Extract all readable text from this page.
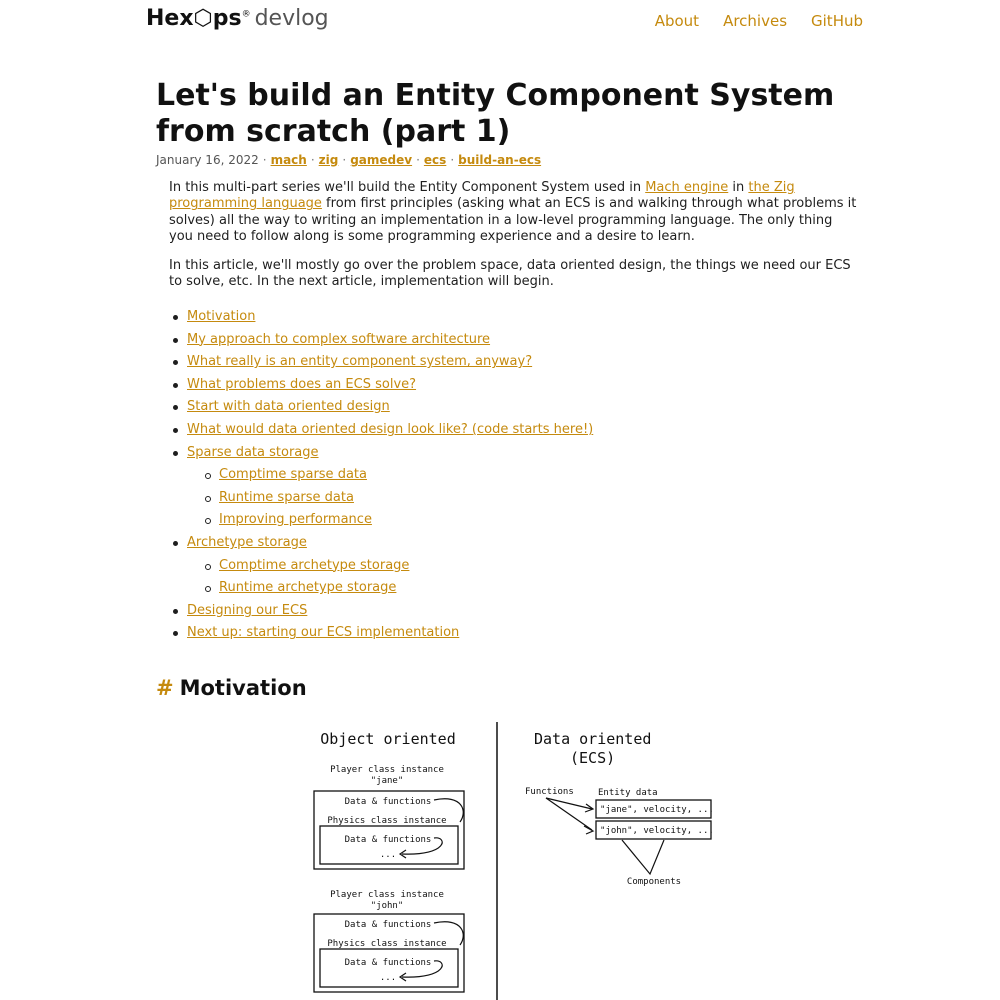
Hex⬡ps® devlog	About Archives GitHub
Let's build an Entity Component System from scratch (part 1)
January 16, 2022 · mach · zig · gamedev · ecs · build-an-ecs

In this multi-part series we'll build the Entity Component System used in Mach engine in the Zig programming language from first principles (asking what an ECS is and walking through what problems it solves) all the way to writing an implementation in a low-level programming language. The only thing you need to follow along is some programming experience and a desire to learn.

In this article, we'll mostly go over the problem space, data oriented design, the things we need our ECS to solve, etc. In the next article, implementation will begin.

Motivation
My approach to complex software architecture
What really is an entity component system, anyway?
What problems does an ECS solve?
Start with data oriented design
What would data oriented design look like? (code starts here!)
Sparse data storage
Comptime sparse data
Runtime sparse data
Improving performance
Archetype storage
Comptime archetype storage
Runtime archetype storage
Designing our ECS
Next up: starting our ECS implementation
# Motivation
Object oriented
Player class instance
"jane"
Data & functions
Physics class instance
Data & functions
...
Player class instance
"john"
Data & functions
Physics class instance
Data & functions
...
Data oriented
(ECS)
Functions	Entity data
"jane", velocity, ...
"john", velocity, ...
Components
